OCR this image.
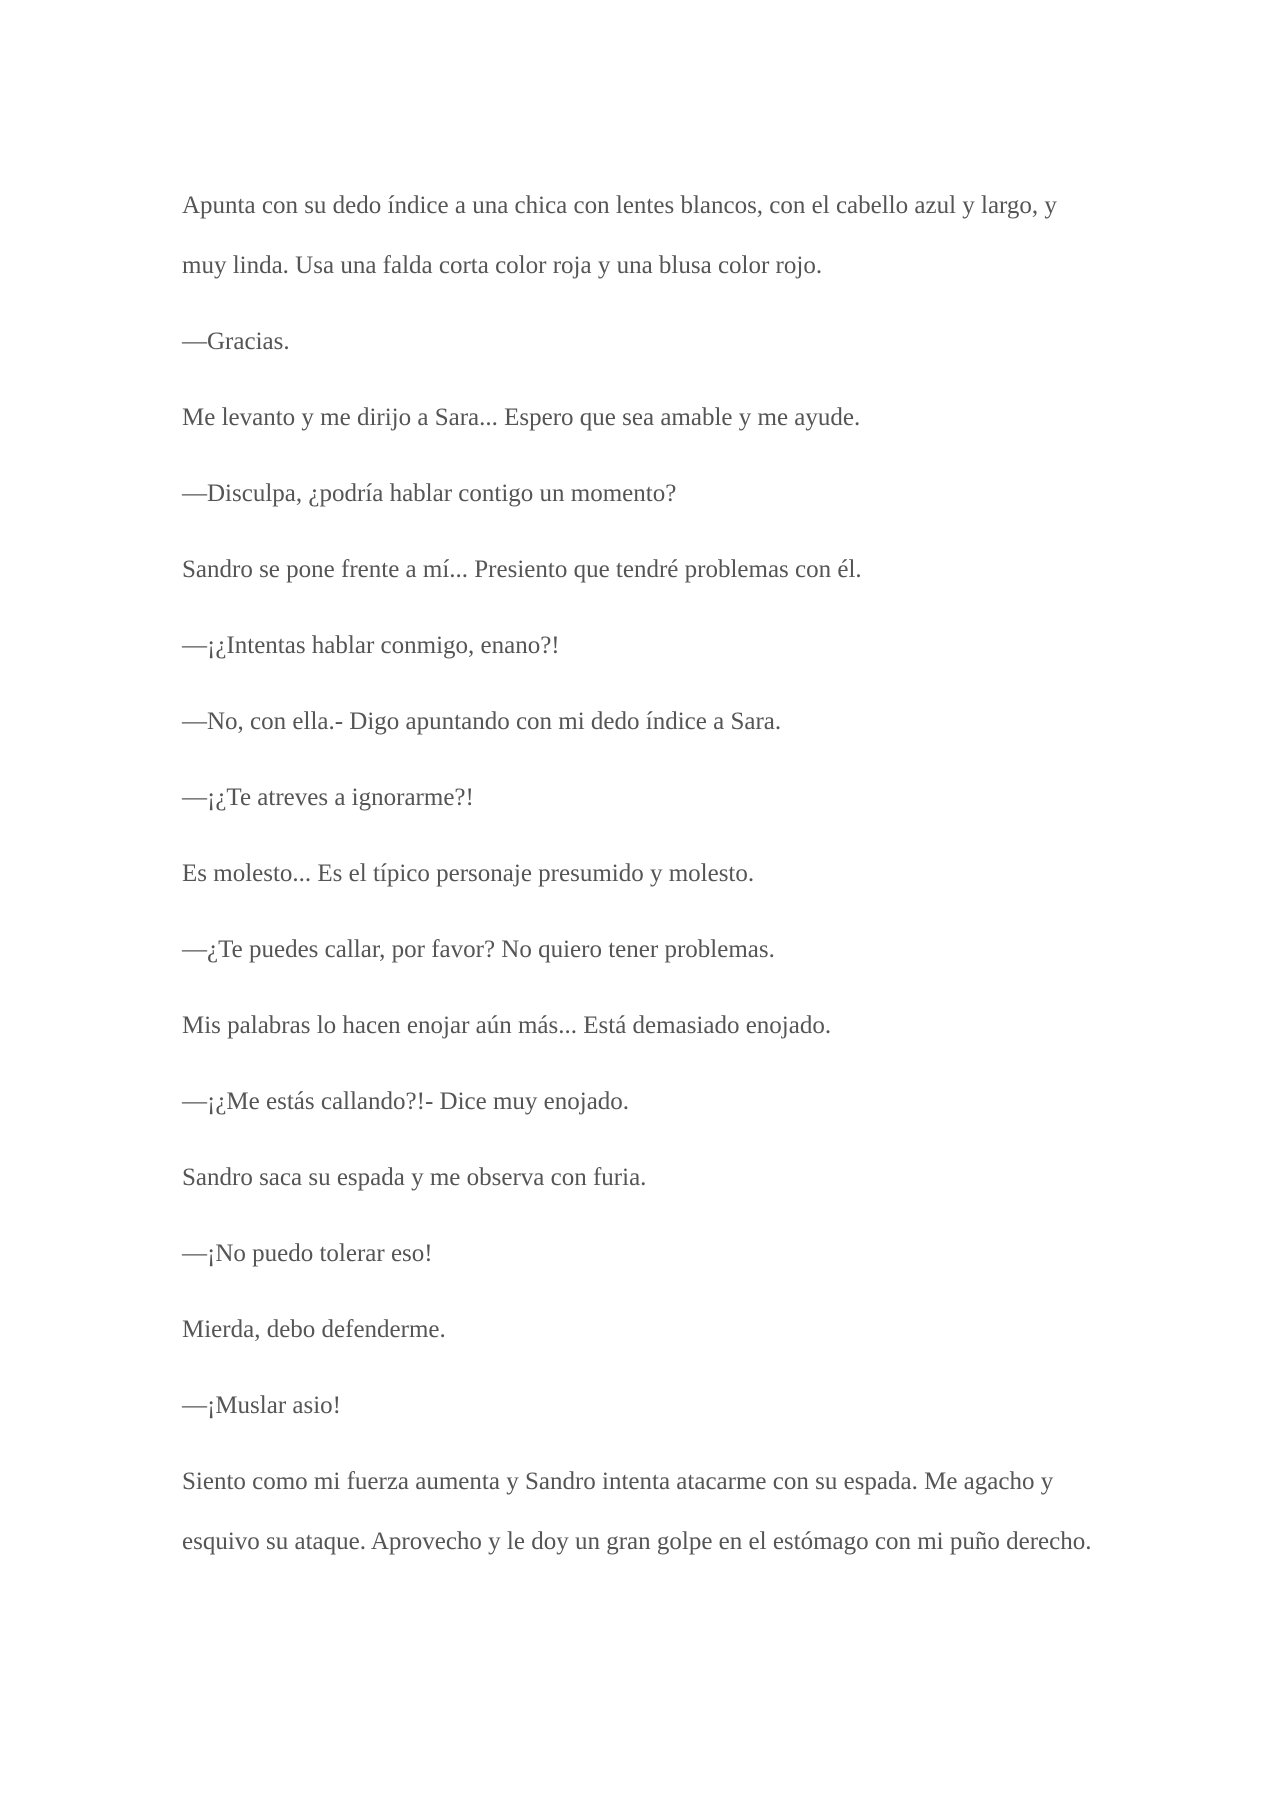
Apunta con su dedo índice a una chica con lentes blancos, con el cabello azul y largo, y muy linda. Usa una falda corta color roja y una blusa color rojo.

—Gracias.

Me levanto y me dirijo a Sara... Espero que sea amable y me ayude.

—Disculpa, ¿podría hablar contigo un momento?

Sandro se pone frente a mí... Presiento que tendré problemas con él.

—¡¿Intentas hablar conmigo, enano?!

—No, con ella.- Digo apuntando con mi dedo índice a Sara.

—¡¿Te atreves a ignorarme?!

Es molesto... Es el típico personaje presumido y molesto.

—¿Te puedes callar, por favor? No quiero tener problemas.

Mis palabras lo hacen enojar aún más... Está demasiado enojado.

—¡¿Me estás callando?!- Dice muy enojado.

Sandro saca su espada y me observa con furia.

—¡No puedo tolerar eso!

Mierda, debo defenderme.

—¡Muslar asio!

Siento como mi fuerza aumenta y Sandro intenta atacarme con su espada. Me agacho y esquivo su ataque. Aprovecho y le doy un gran golpe en el estómago con mi puño derecho.
